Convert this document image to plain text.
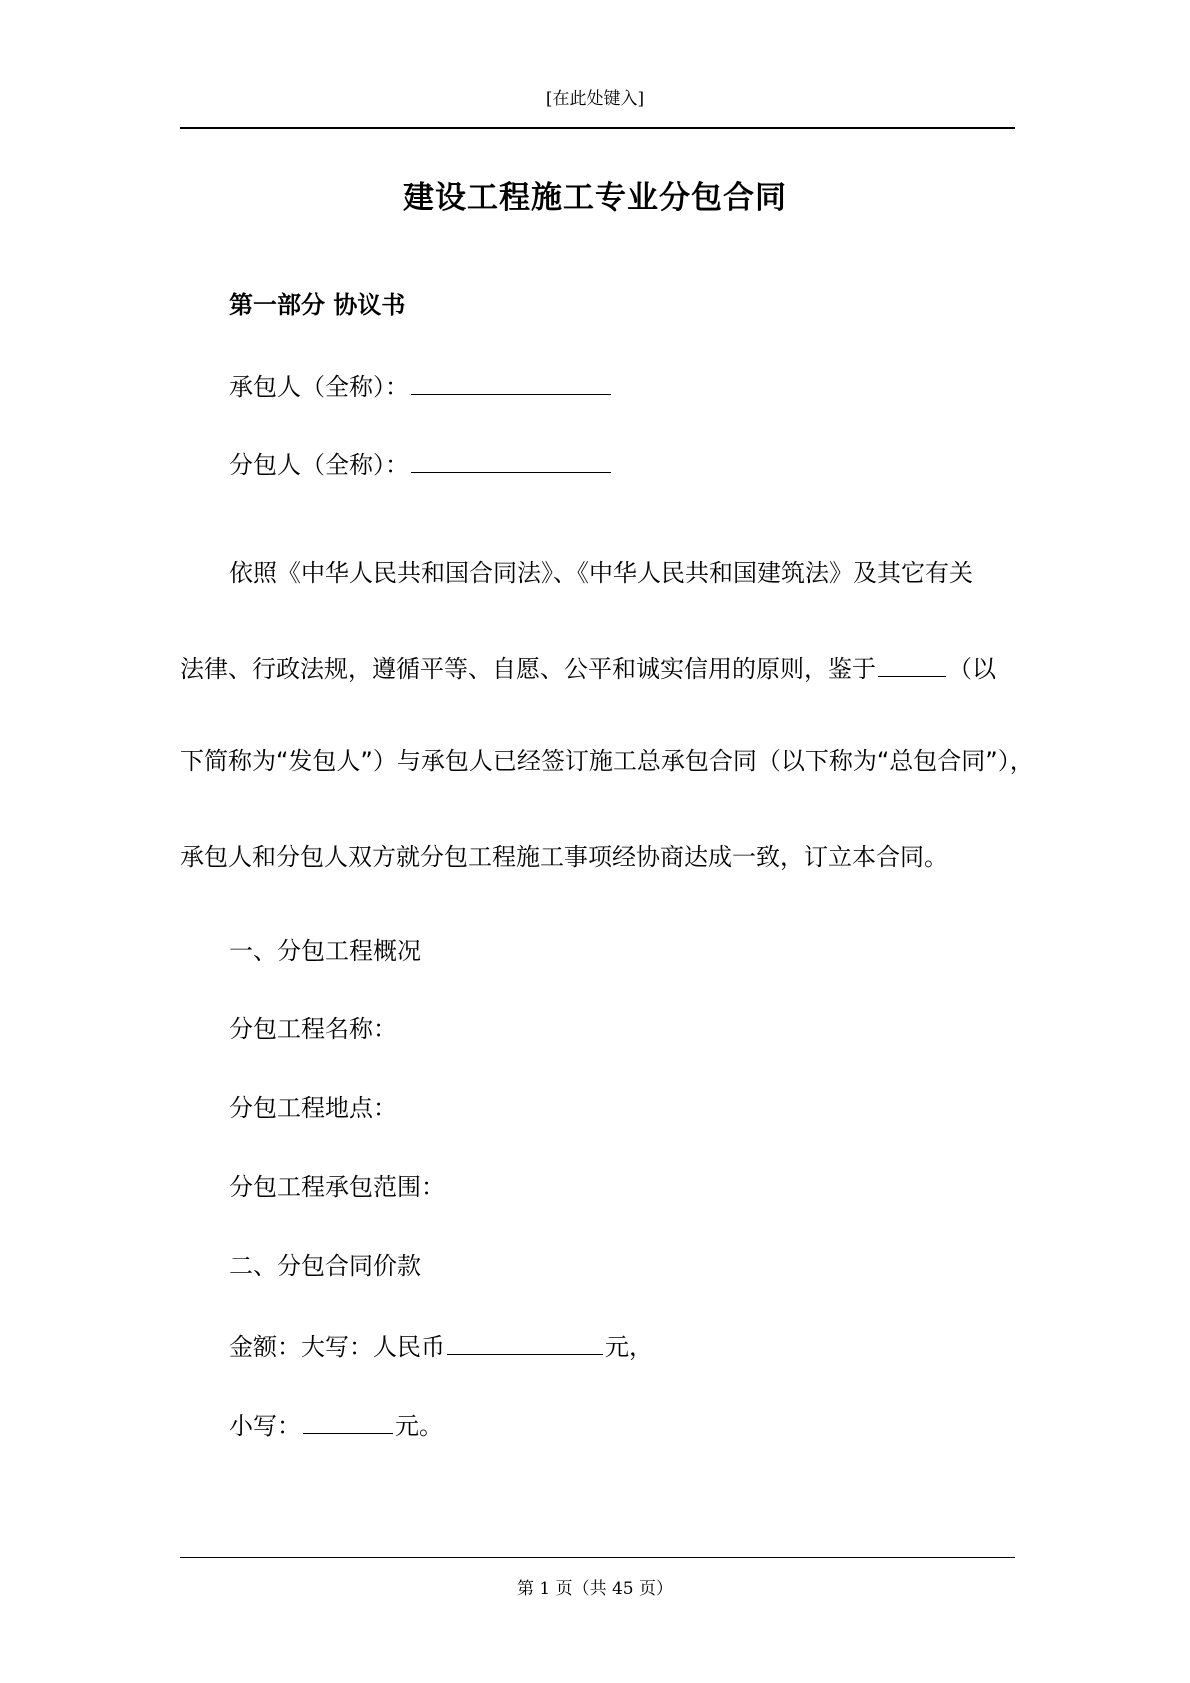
[在此处键入]
建设工程施工专业分包合同
第一部分 协议书
承包人（全称）：
分包人（全称）：
依照《中华人民共和国合同法》、《中华人民共和国建筑法》及其它有关
法律、行政法规，遵循平等、自愿、公平和诚实信用的原则，鉴于	（以
下简称为“发包人”）与承包人已经签订施工总承包合同（以下称为“总包合同”），
承包人和分包人双方就分包工程施工事项经协商达成一致，订立本合同。
一、分包工程概况
分包工程名称：
分包工程地点：
分包工程承包范围：
二、分包合同价款
金额：大写：人民币	元，
小写：	元。
第 1 页（共 45 页）
